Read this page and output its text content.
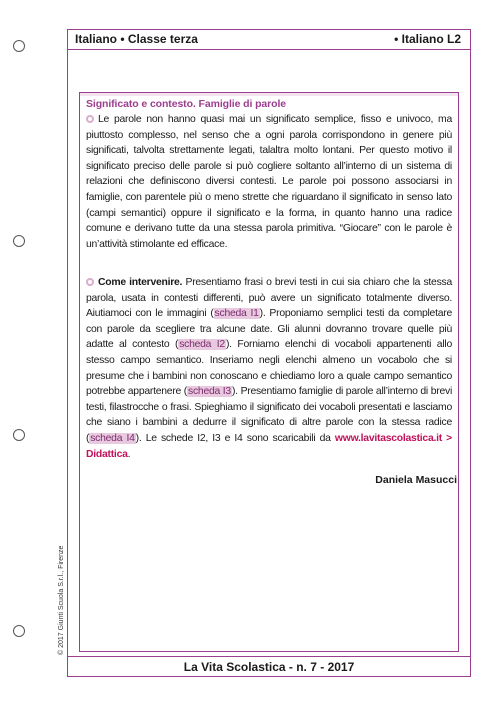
Italiano • Classe terza	• Italiano L2
Significato e contesto. Famiglie di parole
Le parole non hanno quasi mai un significato semplice, fisso e univoco, ma piuttosto complesso, nel senso che a ogni parola corrispondono in genere più significati, talvolta strettamente legati, talaltra molto lontani. Per questo motivo il significato preciso delle parole si può cogliere soltanto all’interno di un sistema di relazioni che definiscono diversi contesti. Le parole poi possono associarsi in famiglie, con parentele più o meno strette che riguardano il significato in senso lato (campi semantici) oppure il significato e la forma, in quanto hanno una radice comune e derivano tutte da una stessa parola primitiva. “Giocare” con le parole è un’attività stimolante ed efficace.
Come intervenire. Presentiamo frasi o brevi testi in cui sia chiaro che la stessa parola, usata in contesti differenti, può avere un significato totalmente diverso. Aiutiamoci con le immagini (scheda I1). Proponiamo semplici testi da completare con parole da scegliere tra alcune date. Gli alunni dovranno trovare quelle più adatte al contesto (scheda I2). Forniamo elenchi di vocaboli appartenenti allo stesso campo semantico. Inseriamo negli elenchi almeno un vocabolo che si presume che i bambini non conoscano e chiediamo loro a quale campo semantico potrebbe appartenere (scheda I3). Presentiamo famiglie di parole all’interno di brevi testi, filastrocche o frasi. Spieghiamo il significato dei vocaboli presentati e lasciamo che siano i bambini a dedurre il significato di altre parole con la stessa radice (scheda I4). Le schede I2, I3 e I4 sono scaricabili da www.lavitascolastica.it > Didattica.
Daniela Masucci
© 2017 Giunti Scuola S.r.l., Firenze
La Vita Scolastica - n. 7 - 2017
